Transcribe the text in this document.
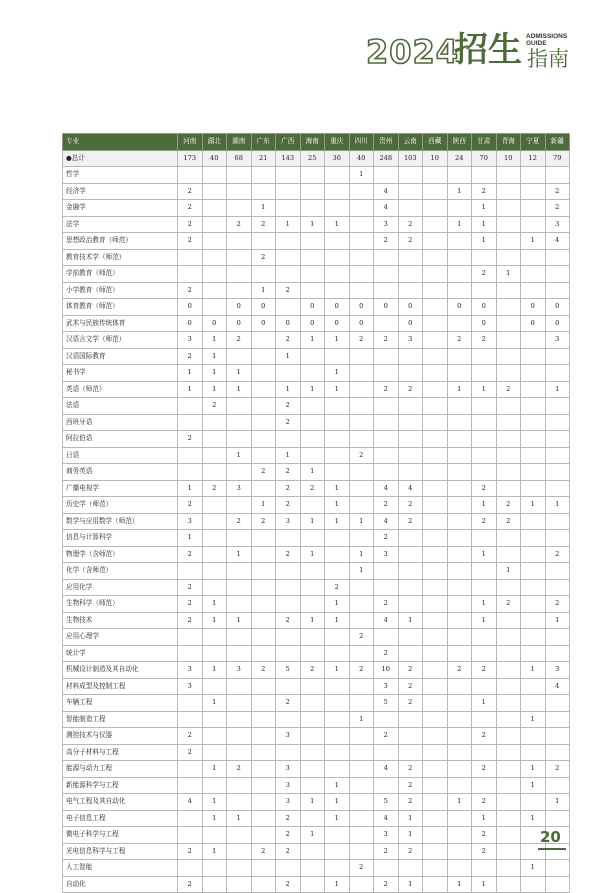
2024
招生 ADMISSIONS
GUIDE
指南
专业	河南	湖北	湖南	广东	广西	海南	重庆	四川	贵州	云南	西藏	陕西	甘肃	青海	宁夏	新疆
●总计	173	40	68	21	143	25	36	40	248	103	10	24	70	10	12	79
哲学								1								
经济学	2								4			1	2			2
金融学	2			1					4				1			2
法学	2		2	2	1	1	1		3	2		1	1			3
思想政治教育（师范）	2								2	2			1		1	4
教育技术学（师范）				2												
学前教育（师范）													2	1		
小学教育（师范）	2			1	2											
体育教育（师范）	0		0	0		0	0	0	0	0		0	0		0	0
武术与民族传统体育	0	0	0	0	0	0	0	0		0			0		0	0
汉语言文学（师范）	3	1	2		2	1	1	2	2	3		2	2			3
汉语国际教育	2	1			1											
秘书学	1	1	1				1									
英语（师范）	1	1	1		1	1	1		2	2		1	1	2		1
法语		2			2											
西班牙语					2											
阿拉伯语	2															
日语			1		1			2								
商务英语				2	2	1										
广播电视学	1	2	3		2	2	1		4	4			2			
历史学（师范）	2			1	2		1		2	2			1	2	1	1
数学与应用数学（师范）	3		2	2	3	1	1	1	4	2			2	2		
信息与计算科学	1								2							
物理学（含师范）	2		1		2	1		1	3				1			2
化学（含师范）								1						1		
应用化学	2						2									
生物科学（师范）	2	1					1		2				1	2		2
生物技术	2	1	1		2	1	1		4	1			1			1
应用心理学								2								
统计学									2							
机械设计制造及其自动化	3	1	3	2	5	2	1	2	10	2		2	2		1	3
材料成型及控制工程	3								3	2						4
车辆工程		1			2				5	2			1			
智能制造工程								1							1	
测控技术与仪器	2				3				2				2			
高分子材料与工程	2															
能源与动力工程		1	2		3				4	2			2		1	2
新能源科学与工程					3		1			2					1	
电气工程及其自动化	4	1			3	1	1		5	2		1	2			1
电子信息工程		1	1		2		1		4	1			1		1	
微电子科学与工程					2	1			3	1			2			
光电信息科学与工程	2	1		2	2				2	2			2			
人工智能								2							1	
自动化	2				2		1		2	1		1	1			
20
